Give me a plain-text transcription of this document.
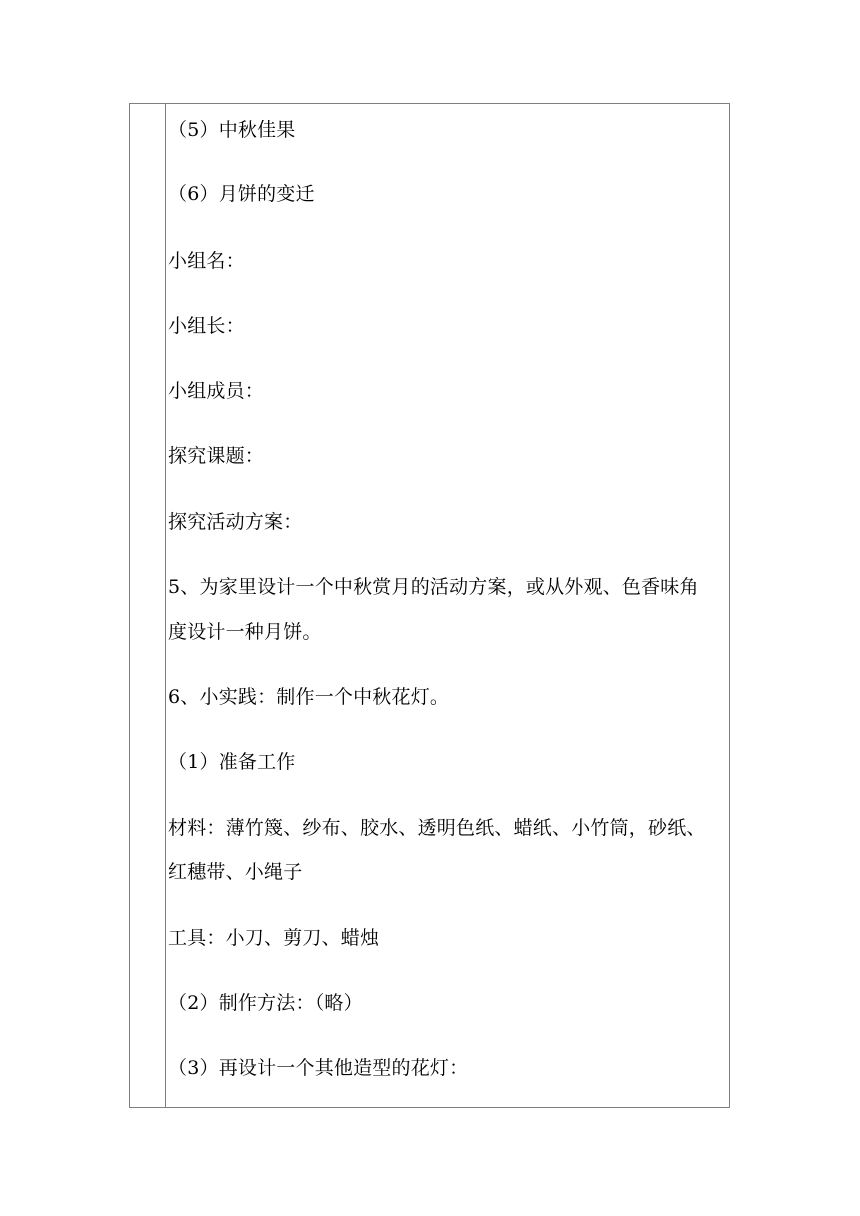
（5）中秋佳果
（6）月饼的变迁
小组名：
小组长：
小组成员：
探究课题：
探究活动方案：
5、为家里设计一个中秋赏月的活动方案，或从外观、色香味角
度设计一种月饼。
6、小实践：制作一个中秋花灯。
（1）准备工作
材料：薄竹篾、纱布、胶水、透明色纸、蜡纸、小竹筒，砂纸、
红穗带、小绳子
工具：小刀、剪刀、蜡烛
（2）制作方法：（略）
（3）再设计一个其他造型的花灯：
